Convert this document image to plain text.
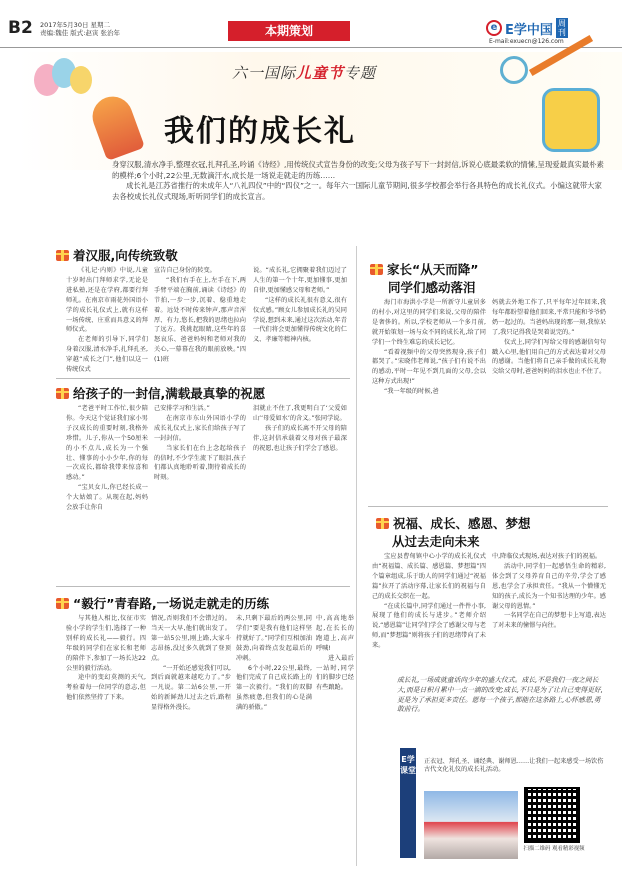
B2 2017年5月30日 星期二
责编:魏佳 版式:赵寅 张治年	本期策划	e E学中国 周刊
E-mail:exuecn@126.com
六一国际儿童节专题
我们的成长礼

身穿汉服,清水净手,整理衣冠,扎拜孔圣,吟诵《诗经》,用传统仪式宣告身份的改变;父母为孩子写下一封封信,诉说心底最柔软的情愫,呈现爱最真实最朴素的模样;6个小时,22公里,无数滴汗水,成长是一场说走就走的历练……

成长礼是江苏省推行的未成年人“八礼四仪”中的“四仪”之一。每年六一国际儿童节期间,很多学校都会举行各具特色的成长礼仪式。小编这就带大家去各校成长礼仪式现场,听听同学们的成长宣言。

着汉服,向传统致敬

《礼记·内则》中说,儿童十岁时出门拜师求学,无论是进私塾,还是在学府,都要行拜师礼。在南京市雨花外国语小学的成长礼仪式上,就有这样一场传统、庄重而具意义的拜师仪式。

在老师的引导下,同学们身着汉服,清水净手,扎拜孔圣,穿越“成长之门”,他们以这一传统仪式

宣告自己身份的转变。

“我们右手在上,左手在下,两手臂平端在胸前,诵读《诗经》的节拍,一步一步,沉着、稳重地走着。远处不时传来钟声,那声音浑厚、有力,悠长,把我的思绪也拉向了远方。我挑起眼睛,这些年的喜怒哀乐、爸爸妈妈和老师对我的关心,一幕幕在我的眼前放映。”四(1)班

说。“成长礼,它拥聚着我们迈过了人生的第一个十年,更加懂事,更加自律,更加懂感父母和老师。”

“这样的成长礼很有意义,很有仪式感。”顾女儿参加成长礼的吴同学说,想到未来,通过这次活动,年青一代们将会更加懂得传统文化的仁义、孝廉等精神内核。

给孩子的一封信,满载最真挚的祝愿

“老爸平时工作忙,很少陪你。今天这个觉证我们家小男子汉成长的重要时刻,我格外珍惜。儿子,你从一个50厘米的小不点儿,成长为一个强壮、懂事的小小少年,你的每一次成长,都给我带来惊喜和感动。”

“宝贝女儿,你已经长成一个大姑娘了。从现在起,妈妈会放手让你自

己安排学习和生活。”

在南京市东山外国语小学的成长礼仪式上,家长们给孩子写了一封封信。

当家长们在台上念起给孩子的信时,不少学生流下了眼泪,孩子们都认真地聆听着,期待着成长的时刻。

泪就止不住了,我更明白了‘父爱如山’‘母爱如水’的含义。”张同学说。

孩子们的成长离不开父母的陪伴,这封信承载着父母对孩子最深的祝愿,也让孩子们学会了感恩。

“毅行”青春路,一场说走就走的历练

与其他人相比,仪征市实验小学的学生们,选择了一种别样的成长礼——毅行。四年级的同学们在家长和老师的陪伴下,参加了一场长达22公里的毅行活动。

途中的变幻莫测的天气,考验着每一位同学的意志,但他们依然坚持了下来。

情况,否则我们不会错过的。当天一大早,他们就出发了。第一站5公里,刚上路,大家斗志昂扬,没过多久就到了登顶点。

“一开始还感觉我们可以,到后面就越来越吃力了。”步一凡说。第二站6公里,一开始的新鲜劲儿过去之后,路程显得格外漫长。

未,只剩下最后的两公里,同学们“要是我有他们这样坚持就好了。”同学们互相加油鼓劲,向着终点发起最后的冲刺。

6个小时,22公里,最终,他们完成了自己成长路上的第一次毅行。“我们的双脚虽然疲惫,但我们的心是满满的骄傲。”

中,高高地举起,在长长的跑道上,高声呼喊!

进入最后一站时,同学们的脚步已经有些踉跄。

家长“从天而降”
同学们感动落泪

海门市海洪小学是一所新守儿童居多的村小,对这里的同学们来说,父母的陪伴是奢侈的。所以,学校老师从一个多月前,就开始策划一场与众不同的成长礼,给了同学们一个终生难忘的成长记忆。

“看着视频中的父母突然现身,孩子们都哭了。”宋晓伟老师说,“孩子们有说不出的感动,平时一年见不到几面的父母,会以这种方式出现!”

“我一年级的时候,爸

妈就去外地工作了,只平每年过年回来,我每年都盼望着他们回来,平常只能和爷爷奶奶一起过的。当爸妈出现的那一刻,我惊呆了,我只记得我是哭着说完的。”

仪式上,同学们写给父母的感谢信句句戳入心里,他们用自己的方式表达着对父母的感谢。当他们将自己亲手做的成长礼物交给父母时,爸爸妈妈的泪水也止不住了。

祝福、成长、感恩、梦想
从过去走向未来

宝应县曹甸镇中心小学的成长礼仪式由“祝福篇、成长篇、感恩篇、梦想篇”四个篇章组成,乐于助人的同学们通过“祝福篇”拉开了活动序幕,让家长们的祝福与自己的成长交织在一起。

“在成长篇中,同学们通过一件件小事,展现了他们的成长与进步。”老师介绍说,“感恩篇”让同学们学会了感谢父母与老师,而“梦想篇”则将孩子们的思绪带向了未来。

中,降临仪式现场,表达对孩子们的祝福。

活动中,同学们一起感悟生命的精彩,体会到了父母养育自己的辛劳,学会了感恩,也学会了承担责任。“我从一个懵懂无知的孩子,成长为一个知书达理的少年。感谢父母的恩情。”

一名同学在自己的梦想卡上写道,表达了对未来的憧憬与向往。

成长礼,一场成就童话向少年的盛大仪式。成长,不是我们一夜之间长大,而是日积月累中一点一滴的改变;成长,不只是为了让自己变得更好,更是为了承担更多责任。愿每一个孩子,都能在这条路上,心怀感恩,勇敢前行。
E学课堂
正衣冠、拜孔圣、诵经典、谢师恩……让我们一起来感受一场饮伤古代文化礼仪的成长礼活动。
扫描二维码 观看精彩视频
